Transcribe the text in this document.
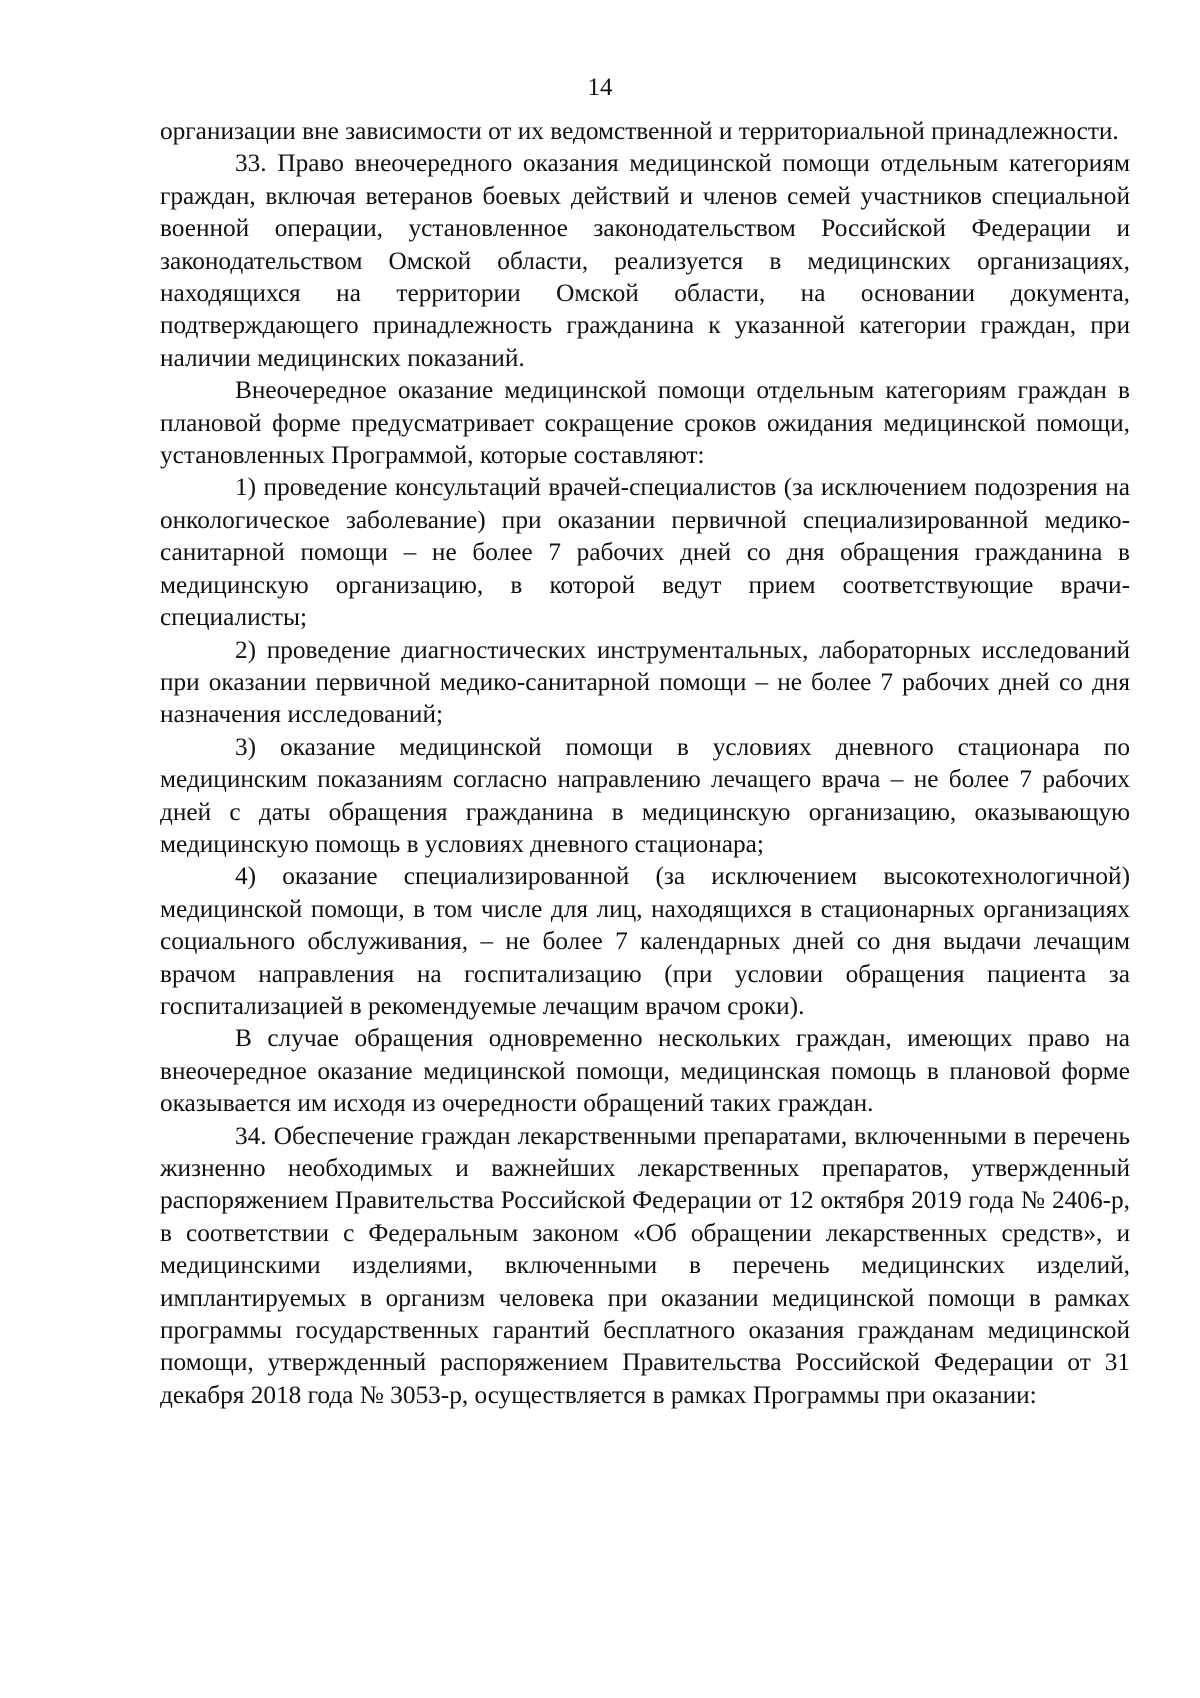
14

организации вне зависимости от их ведомственной и территориальной принадлежности.

33. Право внеочередного оказания медицинской помощи отдельным категориям граждан, включая ветеранов боевых действий и членов семей участников специальной военной операции, установленное законодательством Российской Федерации и законодательством Омской области, реализуется в медицинских организациях, находящихся на территории Омской области, на основании документа, подтверждающего принадлежность гражданина к указанной категории граждан, при наличии медицинских показаний.

Внеочередное оказание медицинской помощи отдельным категориям граждан в плановой форме предусматривает сокращение сроков ожидания медицинской помощи, установленных Программой, которые составляют:

1) проведение консультаций врачей-специалистов (за исключением подозрения на онкологическое заболевание) при оказании первичной специализированной медико-санитарной помощи – не более 7 рабочих дней со дня обращения гражданина в медицинскую организацию, в которой ведут прием соответствующие врачи-специалисты;

2) проведение диагностических инструментальных, лабораторных исследований при оказании первичной медико-санитарной помощи – не более 7 рабочих дней со дня назначения исследований;

3) оказание медицинской помощи в условиях дневного стационара по медицинским показаниям согласно направлению лечащего врача – не более 7 рабочих дней с даты обращения гражданина в медицинскую организацию, оказывающую медицинскую помощь в условиях дневного стационара;

4) оказание специализированной (за исключением высокотехнологичной) медицинской помощи, в том числе для лиц, находящихся в стационарных организациях социального обслуживания, – не более 7 календарных дней со дня выдачи лечащим врачом направления на госпитализацию (при условии обращения пациента за госпитализацией в рекомендуемые лечащим врачом сроки).

В случае обращения одновременно нескольких граждан, имеющих право на внеочередное оказание медицинской помощи, медицинская помощь в плановой форме оказывается им исходя из очередности обращений таких граждан.

34. Обеспечение граждан лекарственными препаратами, включенными в перечень жизненно необходимых и важнейших лекарственных препаратов, утвержденный распоряжением Правительства Российской Федерации от 12 октября 2019 года № 2406-р, в соответствии с Федеральным законом «Об обращении лекарственных средств», и медицинскими изделиями, включенными в перечень медицинских изделий, имплантируемых в организм человека при оказании медицинской помощи в рамках программы государственных гарантий бесплатного оказания гражданам медицинской помощи, утвержденный распоряжением Правительства Российской Федерации от 31 декабря 2018 года № 3053-р, осуществляется в рамках Программы при оказании:
